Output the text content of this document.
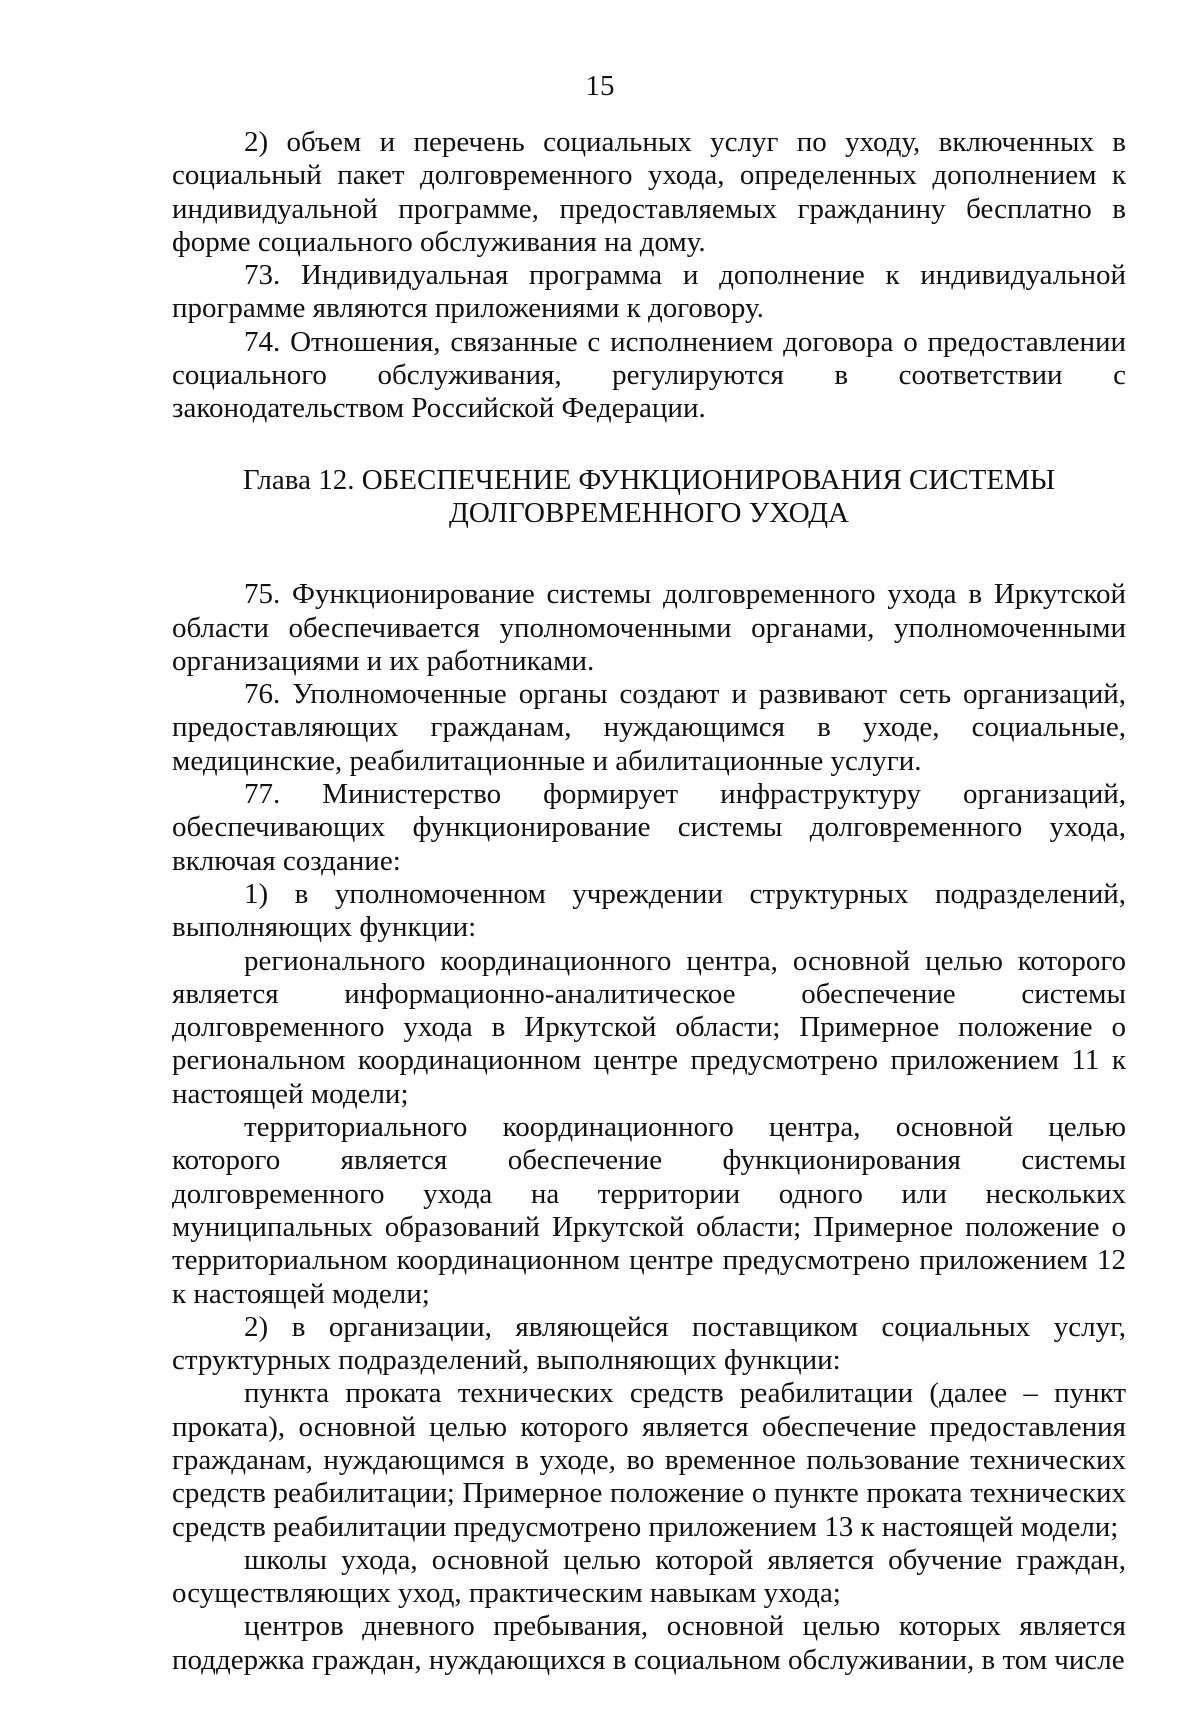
15

2) объем и перечень социальных услуг по уходу, включенных в социальный пакет долговременного ухода, определенных дополнением к индивидуальной программе, предоставляемых гражданину бесплатно в форме социального обслуживания на дому.

73. Индивидуальная программа и дополнение к индивидуальной программе являются приложениями к договору.

74. Отношения, связанные с исполнением договора о предоставлении социального обслуживания, регулируются в соответствии с законодательством Российской Федерации.

Глава 12. ОБЕСПЕЧЕНИЕ ФУНКЦИОНИРОВАНИЯ СИСТЕМЫ
ДОЛГОВРЕМЕННОГО УХОДА

75. Функционирование системы долговременного ухода в Иркутской области обеспечивается уполномоченными органами, уполномоченными организациями и их работниками.

76. Уполномоченные органы создают и развивают сеть организаций, предоставляющих гражданам, нуждающимся в уходе, социальные, медицинские, реабилитационные и абилитационные услуги.

77. Министерство формирует инфраструктуру организаций, обеспечивающих функционирование системы долговременного ухода, включая создание:

1) в уполномоченном учреждении структурных подразделений, выполняющих функции:

регионального координационного центра, основной целью которого является информационно-аналитическое обеспечение системы долговременного ухода в Иркутской области; Примерное положение о региональном координационном центре предусмотрено приложением 11 к настоящей модели;

территориального координационного центра, основной целью которого является обеспечение функционирования системы долговременного ухода на территории одного или нескольких муниципальных образований Иркутской области; Примерное положение о территориальном координационном центре предусмотрено приложением 12 к настоящей модели;

2) в организации, являющейся поставщиком социальных услуг, структурных подразделений, выполняющих функции:

пункта проката технических средств реабилитации (далее – пункт проката), основной целью которого является обеспечение предоставления гражданам, нуждающимся в уходе, во временное пользование технических средств реабилитации; Примерное положение о пункте проката технических средств реабилитации предусмотрено приложением 13 к настоящей модели;

школы ухода, основной целью которой является обучение граждан, осуществляющих уход, практическим навыкам ухода;

центров дневного пребывания, основной целью которых является поддержка граждан, нуждающихся в социальном обслуживании, в том числе
